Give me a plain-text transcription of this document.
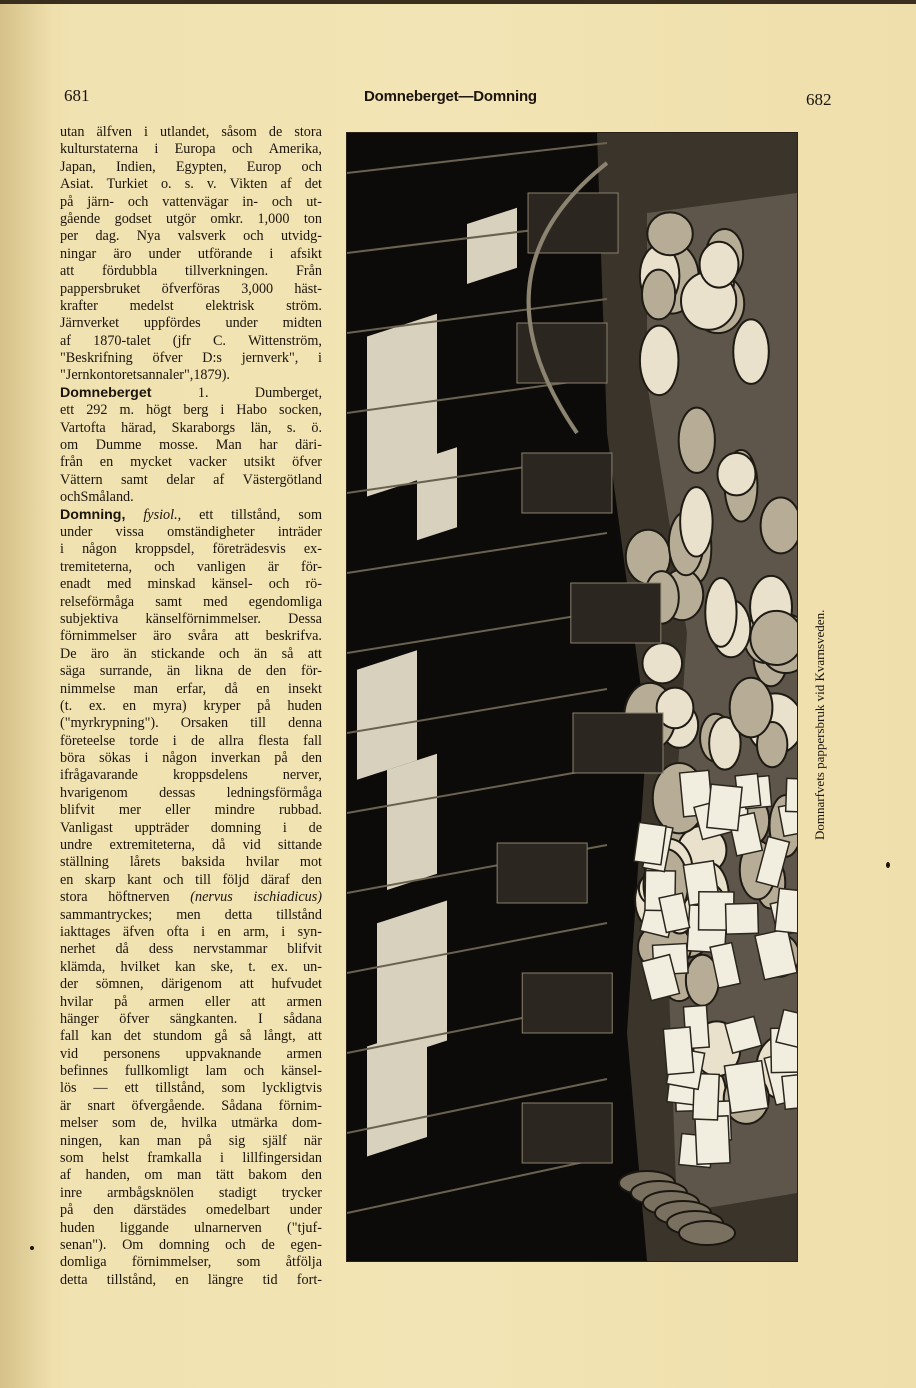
681	Domneberget—Domning	682
utan älfven i utlandet, såsom de stora
kulturstaterna i Europa och Amerika,
Japan, Indien, Egypten, Europ och
Asiat. Turkiet o. s. v. Vikten af det
på järn- och vattenvägar in- och ut-
gående godset utgör omkr. 1,000 ton
per dag. Nya valsverk och utvidg-
ningar äro under utförande i afsikt
att fördubbla tillverkningen. Från
pappersbruket öfverföras 3,000 häst-
krafter medelst elektrisk ström.
Järnverket uppfördes under midten
af 1870-talet (jfr C. Wittenström,
"Beskrifning öfver D:s jernverk", i
"Jernkontorets annaler", 1879).
Domneberget	1.	Dumberget,
ett 292 m. högt berg i Habo socken,
Vartofta härad, Skaraborgs län, s. ö.
om Dumme mosse. Man har däri-
från en mycket vacker utsikt öfver
Vättern samt delar af Västergötland
och Småland.
Domning, fysiol., ett tillstånd, som
under vissa omständigheter inträder
i någon kroppsdel, företrädesvis ex-
tremiteterna, och vanligen är för-
enadt med minskad känsel- och rö-
relseförmåga samt med egendomliga
subjektiva känselförnimmelser. Dessa
förnimmelser äro svåra att beskrifva.
De äro än stickande och än så att
säga surrande, än likna de den för-
nimmelse man erfar, då en insekt
(t. ex. en myra) kryper på huden
("myrkrypning"). Orsaken till denna
företeelse torde i de allra flesta fall
böra sökas i någon inverkan på den
ifrågavarande kroppsdelens nerver,
hvarigenom dessas ledningsförmåga
blifvit mer eller mindre rubbad.
Vanligast uppträder domning i de
undre extremiteterna, då vid sittande
ställning lårets baksida hvilar mot
en skarp kant och till följd däraf den
stora höftnerven (nervus ischiadicus)
sammantryckes; men detta tillstånd
iakttages äfven ofta i en arm, i syn-
nerhet då dess nervstammar blifvit
klämda, hvilket kan ske, t. ex. un-
der sömnen, därigenom att hufvudet
hvilar på armen eller att armen
hänger öfver sängkanten. I sådana
fall kan det stundom gå så långt, att
vid personens uppvaknande armen
befinnes fullkomligt lam och känsel-
lös — ett tillstånd, som lyckligtvis
är snart öfvergående. Sådana förnim-
melser som de, hvilka utmärka dom-
ningen, kan man på sig själf när
som helst framkalla i lillfingersidan
af handen, om man tätt bakom den
inre armbågsknölen stadigt trycker
på den därstädes omedelbart under
huden liggande ulnarnerven ("tjuf-
senan"). Om domning och de egen-
domliga förnimmelser, som åtfölja
detta tillstånd, en längre tid fort-
Domnarfvets pappersbruk vid Kvarnsveden.
